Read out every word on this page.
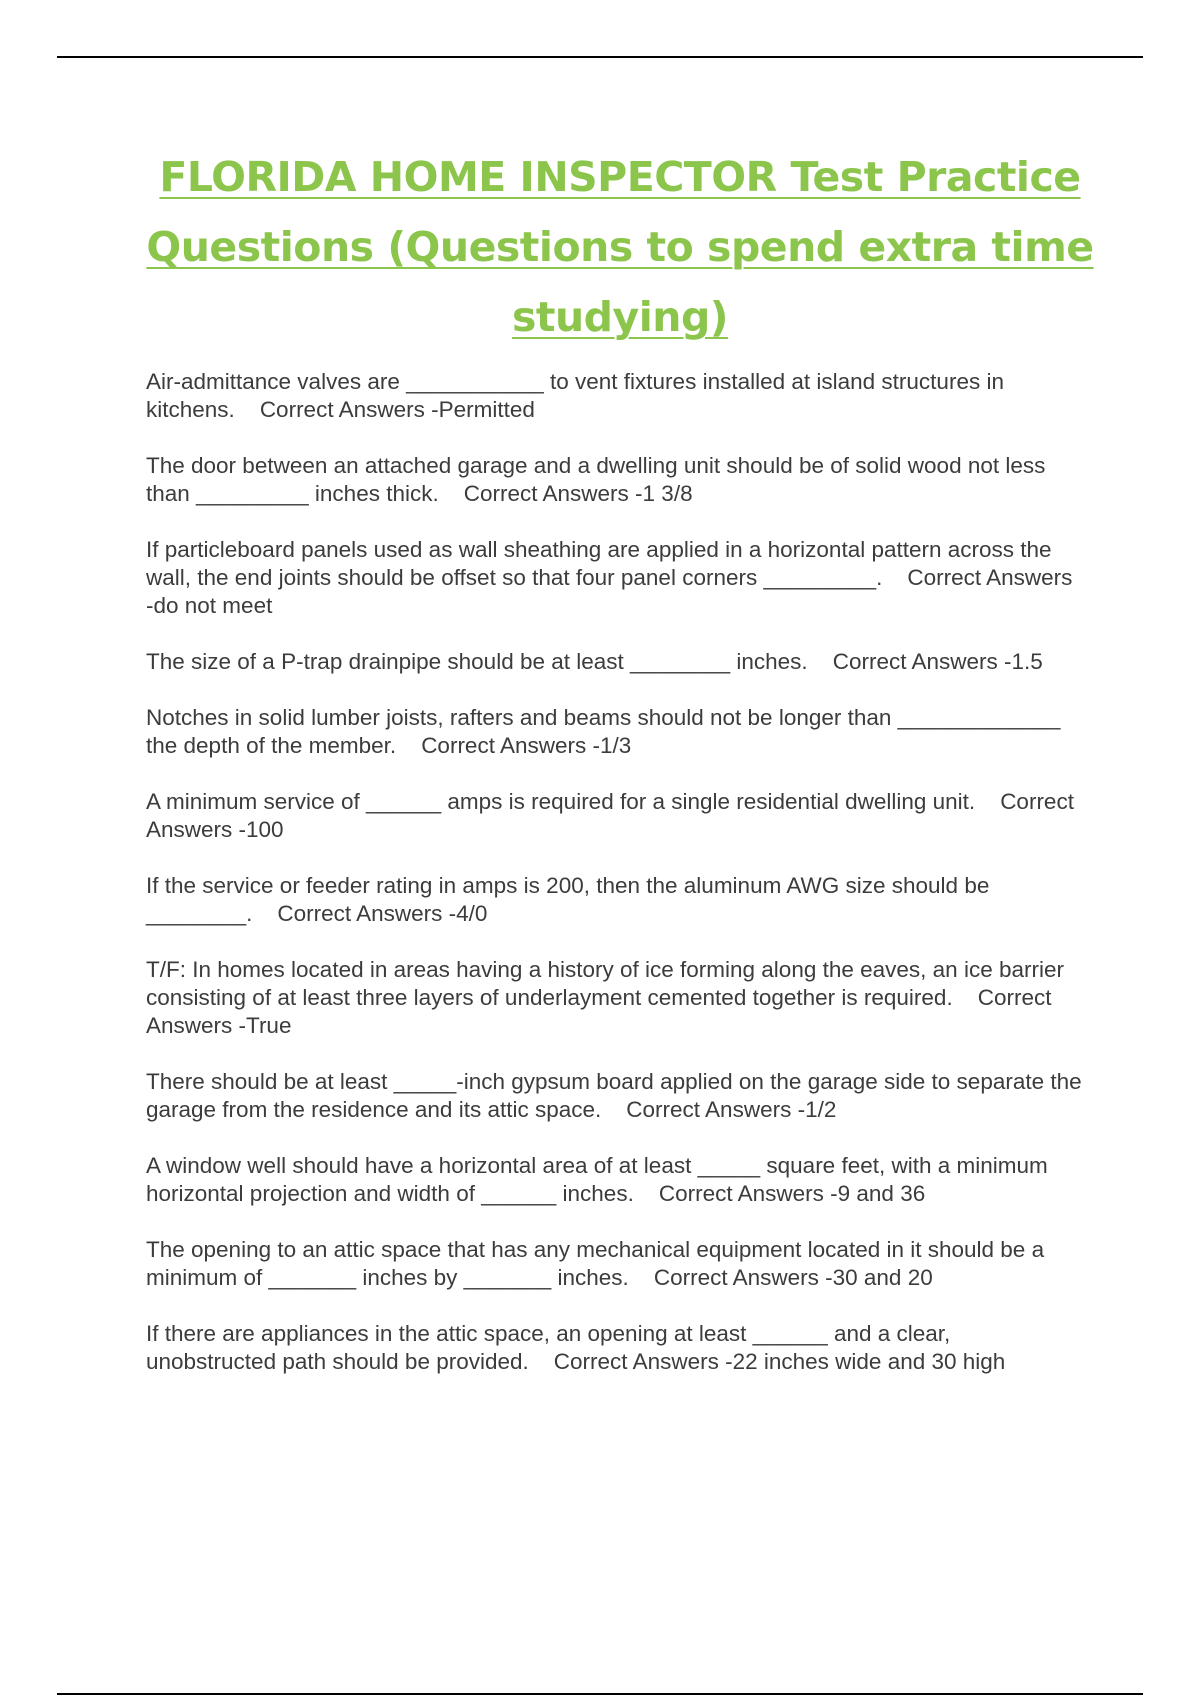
FLORIDA HOME INSPECTOR Test Practice
Questions (Questions to spend extra time
studying)
Air-admittance valves are ___________ to vent fixtures installed at island structures in kitchens. Correct Answers -Permitted
The door between an attached garage and a dwelling unit should be of solid wood not less than _________ inches thick. Correct Answers -1 3/8
If particleboard panels used as wall sheathing are applied in a horizontal pattern across the wall, the end joints should be offset so that four panel corners _________. Correct Answers -do not meet
The size of a P-trap drainpipe should be at least ________ inches. Correct Answers -1.5
Notches in solid lumber joists, rafters and beams should not be longer than _____________ the depth of the member. Correct Answers -1/3
A minimum service of ______ amps is required for a single residential dwelling unit. Correct Answers -100
If the service or feeder rating in amps is 200, then the aluminum AWG size should be ________. Correct Answers -4/0
T/F: In homes located in areas having a history of ice forming along the eaves, an ice barrier consisting of at least three layers of underlayment cemented together is required. Correct Answers -True
There should be at least _____-inch gypsum board applied on the garage side to separate the garage from the residence and its attic space. Correct Answers -1/2
A window well should have a horizontal area of at least _____ square feet, with a minimum horizontal projection and width of ______ inches. Correct Answers -9 and 36
The opening to an attic space that has any mechanical equipment located in it should be a minimum of _______ inches by _______ inches. Correct Answers -30 and 20
If there are appliances in the attic space, an opening at least ______ and a clear, unobstructed path should be provided. Correct Answers -22 inches wide and 30 high
